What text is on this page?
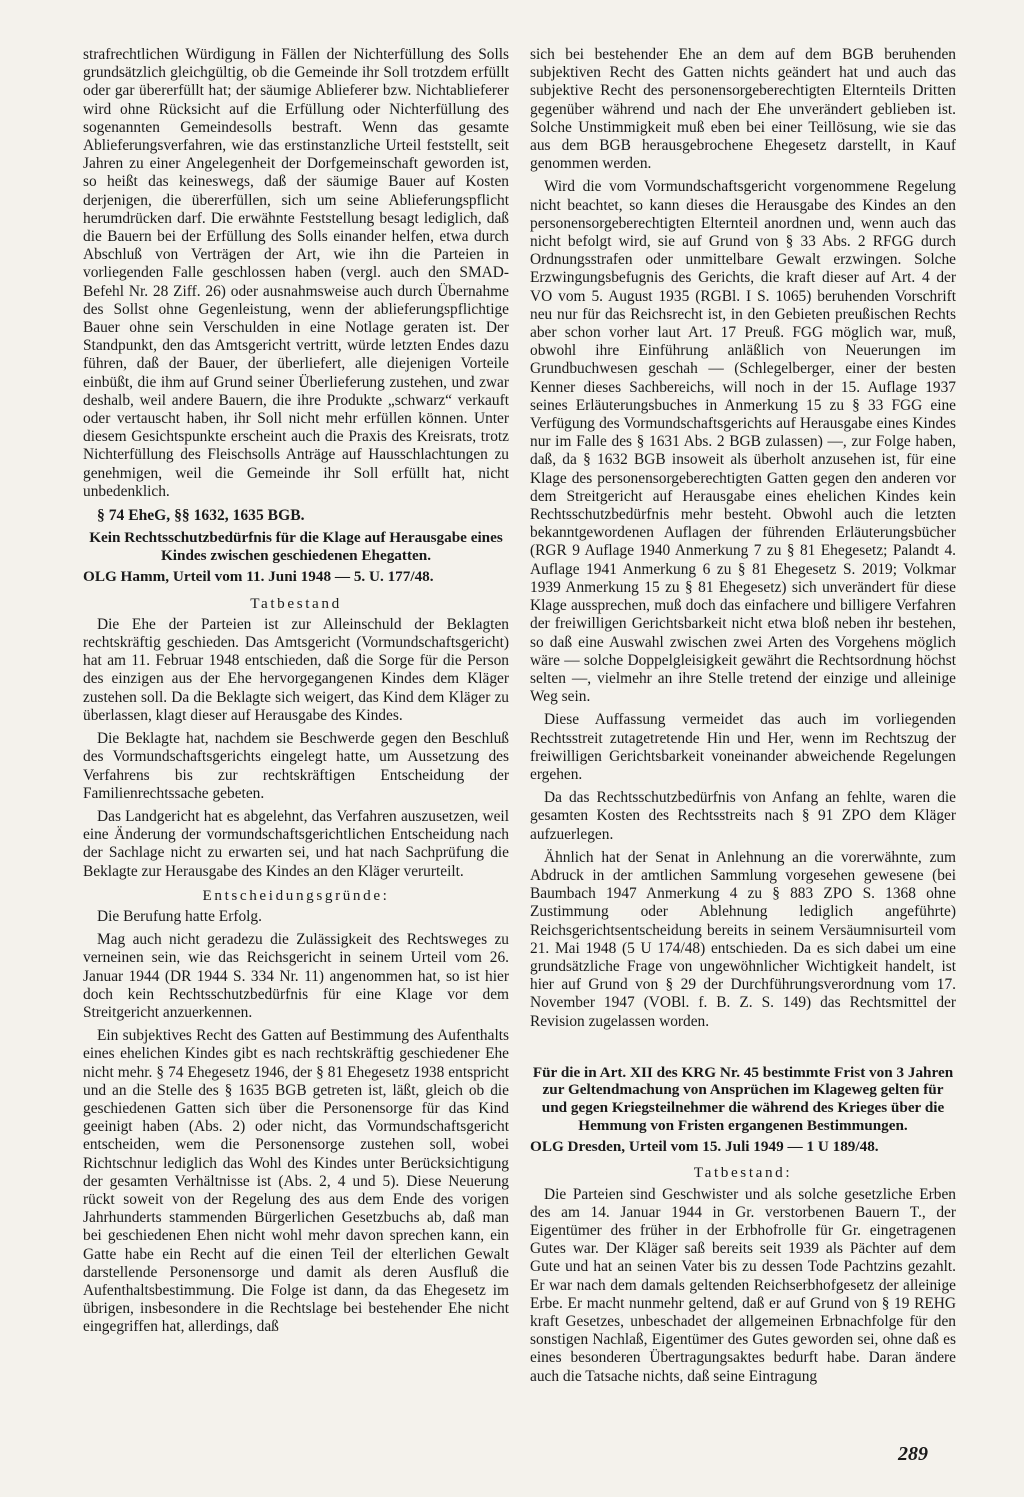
strafrechtlichen Würdigung in Fällen der Nichterfüllung des Solls grundsätzlich gleichgültig, ob die Gemeinde ihr Soll trotzdem erfüllt oder gar übererfüllt hat; der säumige Ablieferer bzw. Nichtablieferer wird ohne Rücksicht auf die Erfüllung oder Nichterfüllung des sogenannten Gemeindesolls bestraft. Wenn das gesamte Ablieferungsverfahren, wie das erstinstanzliche Urteil feststellt, seit Jahren zu einer Angelegenheit der Dorfgemeinschaft geworden ist, so heißt das keineswegs, daß der säumige Bauer auf Kosten derjenigen, die übererfüllen, sich um seine Ablieferungspflicht herumdrücken darf. Die erwähnte Feststellung besagt lediglich, daß die Bauern bei der Erfüllung des Solls einander helfen, etwa durch Abschluß von Verträgen der Art, wie ihn die Parteien in vorliegenden Falle geschlossen haben (vergl. auch den SMAD-Befehl Nr. 28 Ziff. 26) oder ausnahmsweise auch durch Übernahme des Sollst ohne Gegenleistung, wenn der ablieferungspflichtige Bauer ohne sein Verschulden in eine Notlage geraten ist. Der Standpunkt, den das Amtsgericht vertritt, würde letzten Endes dazu führen, daß der Bauer, der überliefert, alle diejenigen Vorteile einbüßt, die ihm auf Grund seiner Überlieferung zustehen, und zwar deshalb, weil andere Bauern, die ihre Produkte „schwarz“ verkauft oder vertauscht haben, ihr Soll nicht mehr erfüllen können. Unter diesem Gesichtspunkte erscheint auch die Praxis des Kreisrats, trotz Nichterfüllung des Fleischsolls Anträge auf Hausschlachtungen zu genehmigen, weil die Gemeinde ihr Soll erfüllt hat, nicht unbedenklich.

§ 74 EheG, §§ 1632, 1635 BGB.
Kein Rechtsschutzbedürfnis für die Klage auf Herausgabe eines Kindes zwischen geschiedenen Ehegatten.
OLG Hamm, Urteil vom 11. Juni 1948 — 5. U. 177/48.
Tatbestand

Die Ehe der Parteien ist zur Alleinschuld der Beklagten rechtskräftig geschieden. Das Amtsgericht (Vormundschaftsgericht) hat am 11. Februar 1948 entschieden, daß die Sorge für die Person des einzigen aus der Ehe hervorgegangenen Kindes dem Kläger zustehen soll. Da die Beklagte sich weigert, das Kind dem Kläger zu überlassen, klagt dieser auf Herausgabe des Kindes.

Die Beklagte hat, nachdem sie Beschwerde gegen den Beschluß des Vormundschaftsgerichts eingelegt hatte, um Aussetzung des Verfahrens bis zur rechtskräftigen Entscheidung der Familienrechtssache gebeten.

Das Landgericht hat es abgelehnt, das Verfahren auszusetzen, weil eine Änderung der vormundschaftsgerichtlichen Entscheidung nach der Sachlage nicht zu erwarten sei, und hat nach Sachprüfung die Beklagte zur Herausgabe des Kindes an den Kläger verurteilt.

Entscheidungsgründe:

Die Berufung hatte Erfolg.

Mag auch nicht geradezu die Zulässigkeit des Rechtsweges zu verneinen sein, wie das Reichsgericht in seinem Urteil vom 26. Januar 1944 (DR 1944 S. 334 Nr. 11) angenommen hat, so ist hier doch kein Rechtsschutzbedürfnis für eine Klage vor dem Streitgericht anzuerkennen.

Ein subjektives Recht des Gatten auf Bestimmung des Aufenthalts eines ehelichen Kindes gibt es nach rechtskräftig geschiedener Ehe nicht mehr. § 74 Ehegesetz 1946, der § 81 Ehegesetz 1938 entspricht und an die Stelle des § 1635 BGB getreten ist, läßt, gleich ob die geschiedenen Gatten sich über die Personensorge für das Kind geeinigt haben (Abs. 2) oder nicht, das Vormundschaftsgericht entscheiden, wem die Personensorge zustehen soll, wobei Richtschnur lediglich das Wohl des Kindes unter Berücksichtigung der gesamten Verhältnisse ist (Abs. 2, 4 und 5). Diese Neuerung rückt soweit von der Regelung des aus dem Ende des vorigen Jahrhunderts stammenden Bürgerlichen Gesetzbuchs ab, daß man bei geschiedenen Ehen nicht wohl mehr davon sprechen kann, ein Gatte habe ein Recht auf die einen Teil der elterlichen Gewalt darstellende Personensorge und damit als deren Ausfluß die Aufenthaltsbestimmung. Die Folge ist dann, da das Ehegesetz im übrigen, insbesondere in die Rechtslage bei bestehender Ehe nicht eingegriffen hat, allerdings, daß

sich bei bestehender Ehe an dem auf dem BGB beruhenden subjektiven Recht des Gatten nichts geändert hat und auch das subjektive Recht des personensorgeberechtigten Elternteils Dritten gegenüber während und nach der Ehe unverändert geblieben ist. Solche Unstimmigkeit muß eben bei einer Teillösung, wie sie das aus dem BGB herausgebrochene Ehegesetz darstellt, in Kauf genommen werden.

Wird die vom Vormundschaftsgericht vorgenommene Regelung nicht beachtet, so kann dieses die Herausgabe des Kindes an den personensorgeberechtigten Elternteil anordnen und, wenn auch das nicht befolgt wird, sie auf Grund von § 33 Abs. 2 RFGG durch Ordnungsstrafen oder unmittelbare Gewalt erzwingen. Solche Erzwingungsbefugnis des Gerichts, die kraft dieser auf Art. 4 der VO vom 5. August 1935 (RGBl. I S. 1065) beruhenden Vorschrift neu nur für das Reichsrecht ist, in den Gebieten preußischen Rechts aber schon vorher laut Art. 17 Preuß. FGG möglich war, muß, obwohl ihre Einführung anläßlich von Neuerungen im Grundbuchwesen geschah — (Schlegelberger, einer der besten Kenner dieses Sachbereichs, will noch in der 15. Auflage 1937 seines Erläuterungsbuches in Anmerkung 15 zu § 33 FGG eine Verfügung des Vormundschaftsgerichts auf Herausgabe eines Kindes nur im Falle des § 1631 Abs. 2 BGB zulassen) —, zur Folge haben, daß, da § 1632 BGB insoweit als überholt anzusehen ist, für eine Klage des personensorgeberechtigten Gatten gegen den anderen vor dem Streitgericht auf Herausgabe eines ehelichen Kindes kein Rechtsschutzbedürfnis mehr besteht. Obwohl auch die letzten bekanntgewordenen Auflagen der führenden Erläuterungsbücher (RGR 9 Auflage 1940 Anmerkung 7 zu § 81 Ehegesetz; Palandt 4. Auflage 1941 Anmerkung 6 zu § 81 Ehegesetz S. 2019; Volkmar 1939 Anmerkung 15 zu § 81 Ehegesetz) sich unverändert für diese Klage aussprechen, muß doch das einfachere und billigere Verfahren der freiwilligen Gerichtsbarkeit nicht etwa bloß neben ihr bestehen, so daß eine Auswahl zwischen zwei Arten des Vorgehens möglich wäre — solche Doppelgleisigkeit gewährt die Rechtsordnung höchst selten —, vielmehr an ihre Stelle tretend der einzige und alleinige Weg sein.

Diese Auffassung vermeidet das auch im vorliegenden Rechtsstreit zutagetretende Hin und Her, wenn im Rechtszug der freiwilligen Gerichtsbarkeit voneinander abweichende Regelungen ergehen.

Da das Rechtsschutzbedürfnis von Anfang an fehlte, waren die gesamten Kosten des Rechtsstreits nach § 91 ZPO dem Kläger aufzuerlegen.

Ähnlich hat der Senat in Anlehnung an die vorerwähnte, zum Abdruck in der amtlichen Sammlung vorgesehen gewesene (bei Baumbach 1947 Anmerkung 4 zu § 883 ZPO S. 1368 ohne Zustimmung oder Ablehnung lediglich angeführte) Reichsgerichtsentscheidung bereits in seinem Versäumnisurteil vom 21. Mai 1948 (5 U 174/48) entschieden. Da es sich dabei um eine grundsätzliche Frage von ungewöhnlicher Wichtigkeit handelt, ist hier auf Grund von § 29 der Durchführungsverordnung vom 17. November 1947 (VOBl. f. B. Z. S. 149) das Rechtsmittel der Revision zugelassen worden.

Für die in Art. XII des KRG Nr. 45 bestimmte Frist von 3 Jahren zur Geltendmachung von Ansprüchen im Klageweg gelten für und gegen Kriegsteilnehmer die während des Krieges über die Hemmung von Fristen ergangenen Bestimmungen.
OLG Dresden, Urteil vom 15. Juli 1949 — 1 U 189/48.
Tatbestand:

Die Parteien sind Geschwister und als solche gesetzliche Erben des am 14. Januar 1944 in Gr. verstorbenen Bauern T., der Eigentümer des früher in der Erbhofrolle für Gr. eingetragenen Gutes war. Der Kläger saß bereits seit 1939 als Pächter auf dem Gute und hat an seinen Vater bis zu dessen Tode Pachtzins gezahlt. Er war nach dem damals geltenden Reichserbhofgesetz der alleinige Erbe. Er macht nunmehr geltend, daß er auf Grund von § 19 REHG kraft Gesetzes, unbeschadet der allgemeinen Erbnachfolge für den sonstigen Nachlaß, Eigentümer des Gutes geworden sei, ohne daß es eines besonderen Übertragungsaktes bedurft habe. Daran ändere auch die Tatsache nichts, daß seine Eintragung

289
